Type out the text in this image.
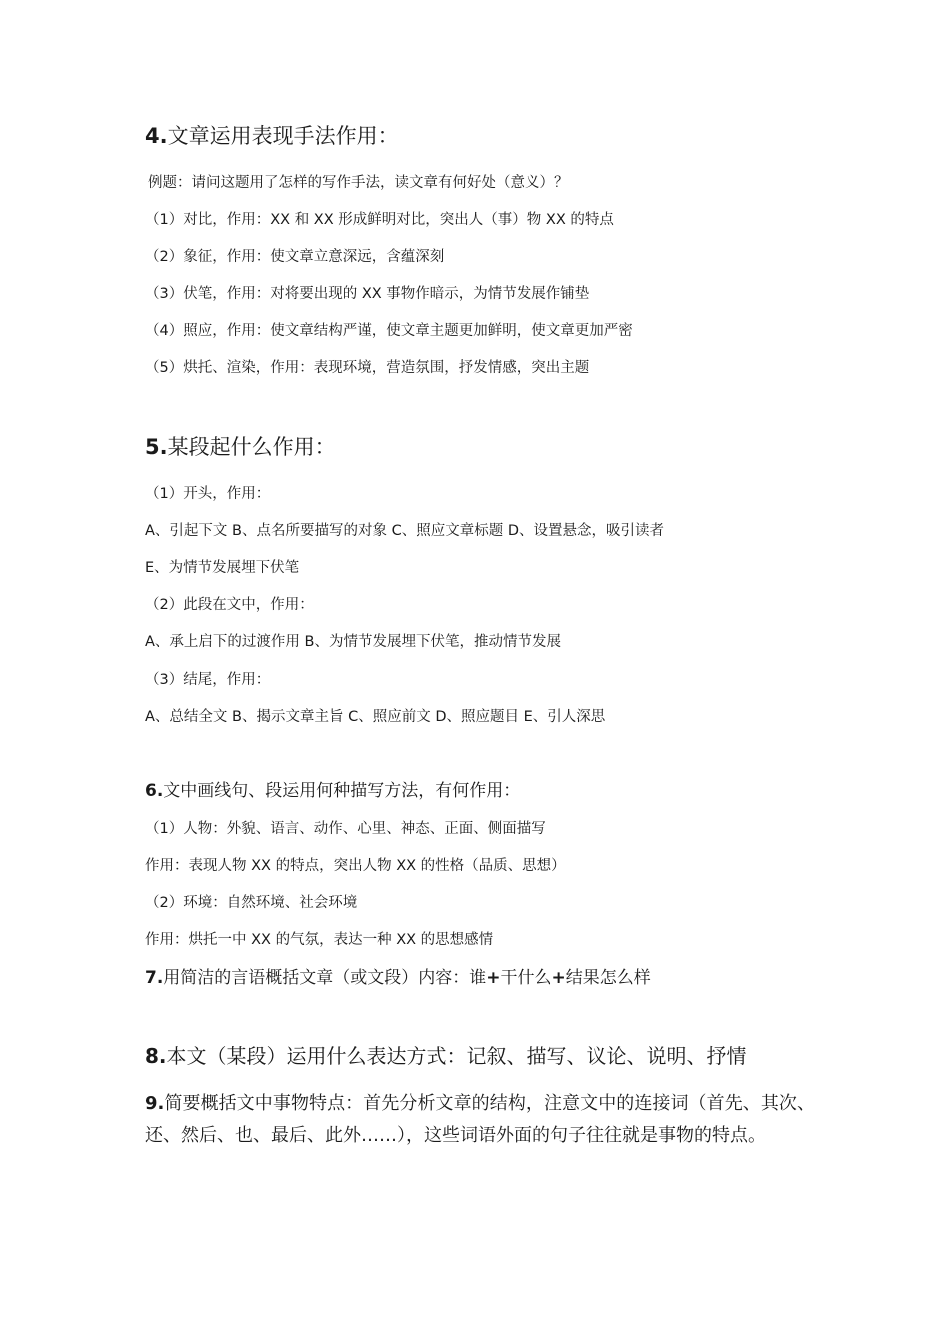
4.文章运用表现手法作用：
例题：请问这题用了怎样的写作手法，读文章有何好处（意义）？
（1）对比，作用：XX 和 XX 形成鲜明对比，突出人（事）物 XX 的特点
（2）象征，作用：使文章立意深远，含蕴深刻
（3）伏笔，作用：对将要出现的 XX 事物作暗示，为情节发展作铺垫
（4）照应，作用：使文章结构严谨，使文章主题更加鲜明，使文章更加严密
（5）烘托、渲染，作用：表现环境，营造氛围，抒发情感，突出主题
5.某段起什么作用：
（1）开头，作用：
A、引起下文 B、点名所要描写的对象 C、照应文章标题 D、设置悬念，吸引读者
E、为情节发展埋下伏笔
（2）此段在文中，作用：
A、承上启下的过渡作用 B、为情节发展埋下伏笔，推动情节发展
（3）结尾，作用：
A、总结全文 B、揭示文章主旨 C、照应前文 D、照应题目 E、引人深思
6.文中画线句、段运用何种描写方法，有何作用：
（1）人物：外貌、语言、动作、心里、神态、正面、侧面描写
作用：表现人物 XX 的特点，突出人物 XX 的性格（品质、思想）
（2）环境：自然环境、社会环境
作用：烘托一中 XX 的气氛，表达一种 XX 的思想感情
7.用简洁的言语概括文章（或文段）内容：谁+干什么+结果怎么样
8.本文（某段）运用什么表达方式：记叙、描写、议论、说明、抒情
9.简要概括文中事物特点：首先分析文章的结构，注意文中的连接词（首先、其次、还、然后、也、最后、此外……），这些词语外面的句子往往就是事物的特点。
